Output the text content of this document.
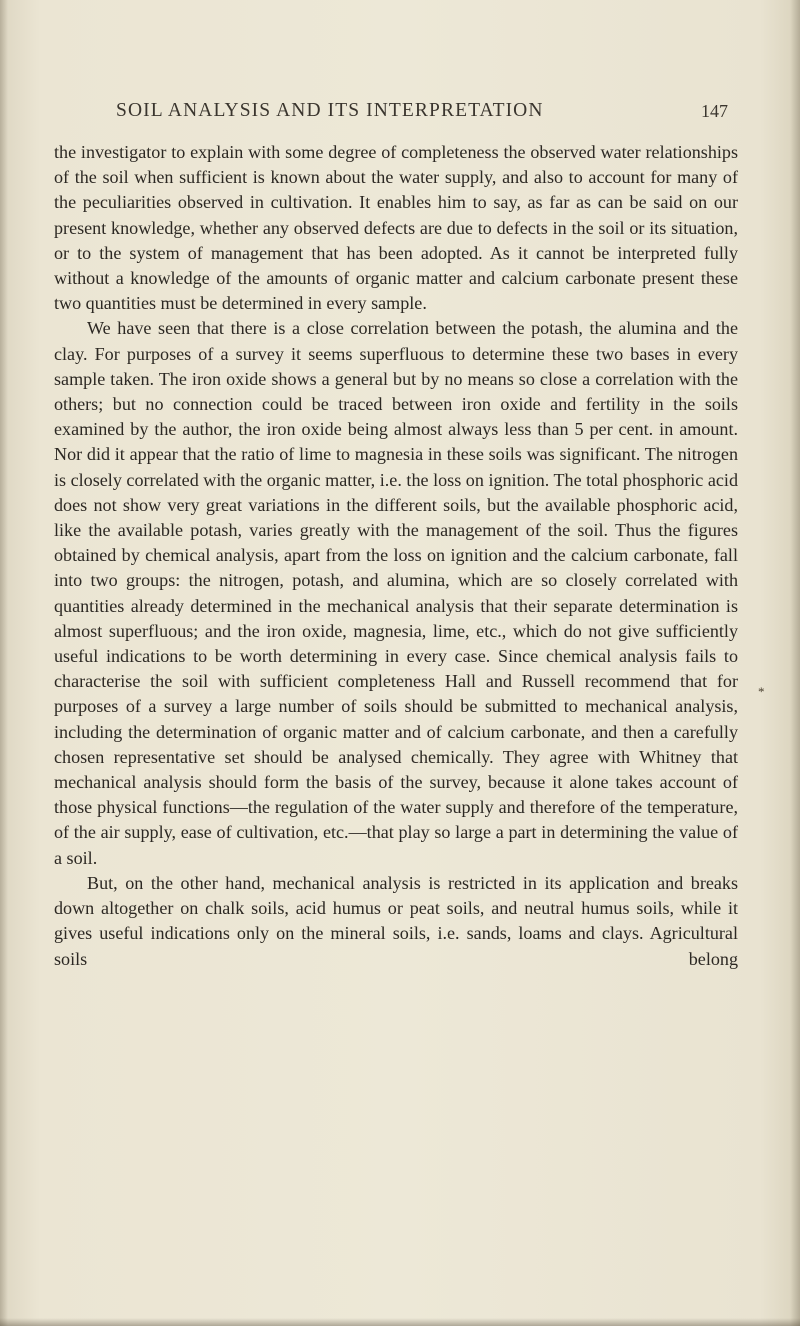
SOIL ANALYSIS AND ITS INTERPRETATION	147

the investigator to explain with some degree of completeness the observed water relationships of the soil when sufficient is known about the water supply, and also to account for many of the peculiarities observed in cultivation. It enables him to say, as far as can be said on our present knowledge, whether any observed defects are due to defects in the soil or its situation, or to the system of management that has been adopted. As it cannot be interpreted fully without a knowledge of the amounts of organic matter and calcium carbonate present these two quantities must be determined in every sample.

We have seen that there is a close correlation between the potash, the alumina and the clay. For purposes of a survey it seems superfluous to determine these two bases in every sample taken. The iron oxide shows a general but by no means so close a correlation with the others; but no connection could be traced between iron oxide and fertility in the soils examined by the author, the iron oxide being almost always less than 5 per cent. in amount. Nor did it appear that the ratio of lime to magnesia in these soils was significant. The nitrogen is closely correlated with the organic matter, i.e. the loss on ignition. The total phosphoric acid does not show very great variations in the different soils, but the available phosphoric acid, like the available potash, varies greatly with the management of the soil. Thus the figures obtained by chemical analysis, apart from the loss on ignition and the calcium carbonate, fall into two groups: the nitrogen, potash, and alumina, which are so closely correlated with quantities already determined in the mechanical analysis that their separate determination is almost superfluous; and the iron oxide, magnesia, lime, etc., which do not give sufficiently useful indications to be worth determining in every case. Since chemical analysis fails to characterise the soil with sufficient completeness Hall and Russell recommend that for purposes of a survey a large number of soils should be submitted to mechanical analysis, including the determination of organic matter and of calcium carbonate, and then a carefully chosen representative set should be analysed chemically. They agree with Whitney that mechanical analysis should form the basis of the survey, because it alone takes account of those physical functions—the regulation of the water supply and therefore of the temperature, of the air supply, ease of cultivation, etc.—that play so large a part in determining the value of a soil.

But, on the other hand, mechanical analysis is restricted in its application and breaks down altogether on chalk soils, acid humus or peat soils, and neutral humus soils, while it gives useful indications only on the mineral soils, i.e. sands, loams and clays. Agricultural soils belong

*
